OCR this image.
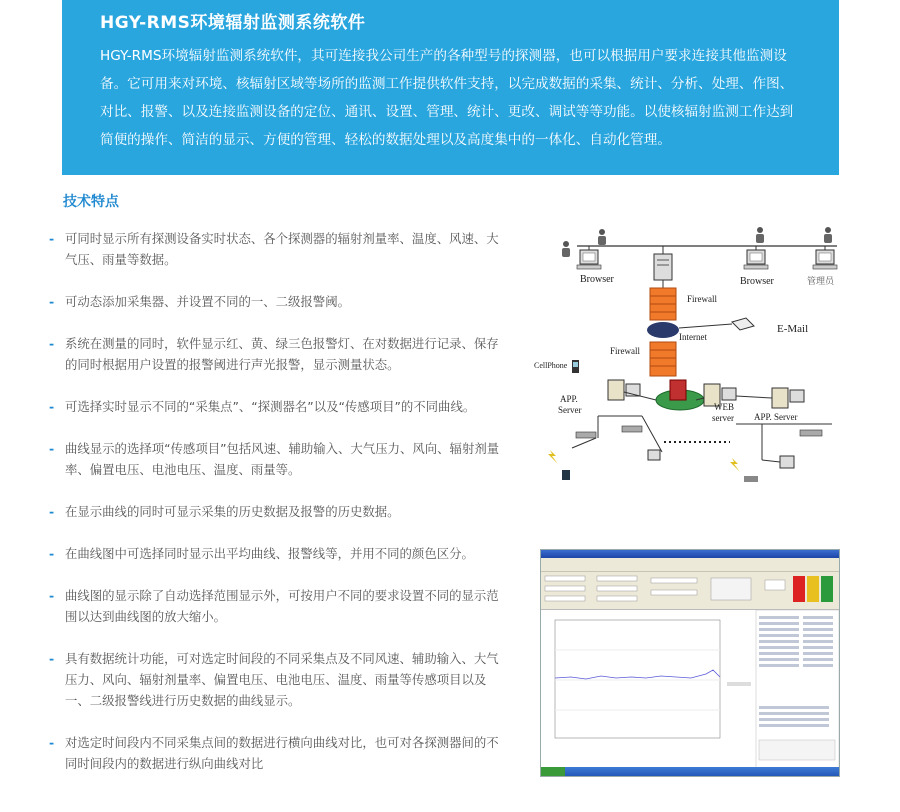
HGY-RMS环境辐射监测系统软件
HGY-RMS环境辐射监测系统软件，其可连接我公司生产的各种型号的探测器，也可以根据用户要求连接其他监测设备。它可用来对环境、核辐射区域等场所的监测工作提供软件支持，以完成数据的采集、统计、分析、处理、作图、对比、报警、以及连接监测设备的定位、通讯、设置、管理、统计、更改、调试等等功能。以使核辐射监测工作达到简便的操作、简洁的显示、方便的管理、轻松的数据处理以及高度集中的一体化、自动化管理。
技术特点
- 可同时显示所有探测设备实时状态、各个探测器的辐射剂量率、温度、风速、大气压、雨量等数据。
- 可动态添加采集器、并设置不同的一、二级报警阈。
- 系统在测量的同时，软件显示红、黄、绿三色报警灯、在对数据进行记录、保存的同时根据用户设置的报警阈进行声光报警，显示测量状态。
- 可选择实时显示不同的“采集点”、“探测器名”以及“传感项目”的不同曲线。
- 曲线显示的选择项“传感项目”包括风速、辅助输入、大气压力、风向、辐射剂量率、偏置电压、电池电压、温度、雨量等。
- 在显示曲线的同时可显示采集的历史数据及报警的历史数据。
- 在曲线图中可选择同时显示出平均曲线、报警线等，并用不同的颜色区分。
- 曲线图的显示除了自动选择范围显示外，可按用户不同的要求设置不同的显示范围以达到曲线图的放大缩小。
- 具有数据统计功能，可对选定时间段的不同采集点及不同风速、辅助输入、大气压力、风向、辐射剂量率、偏置电压、电池电压、温度、雨量等传感项目以及一、二级报警线进行历史数据的曲线显示。
- 对选定时间段内不同采集点间的数据进行横向曲线对比，也可对各探测器间的不同时间段内的数据进行纵向曲线对比
Browser	Browser	管理员
Firewall
Internet
E-Mail
Firewall
CellPhone
APP.
Server	WEB
server APP. Server
